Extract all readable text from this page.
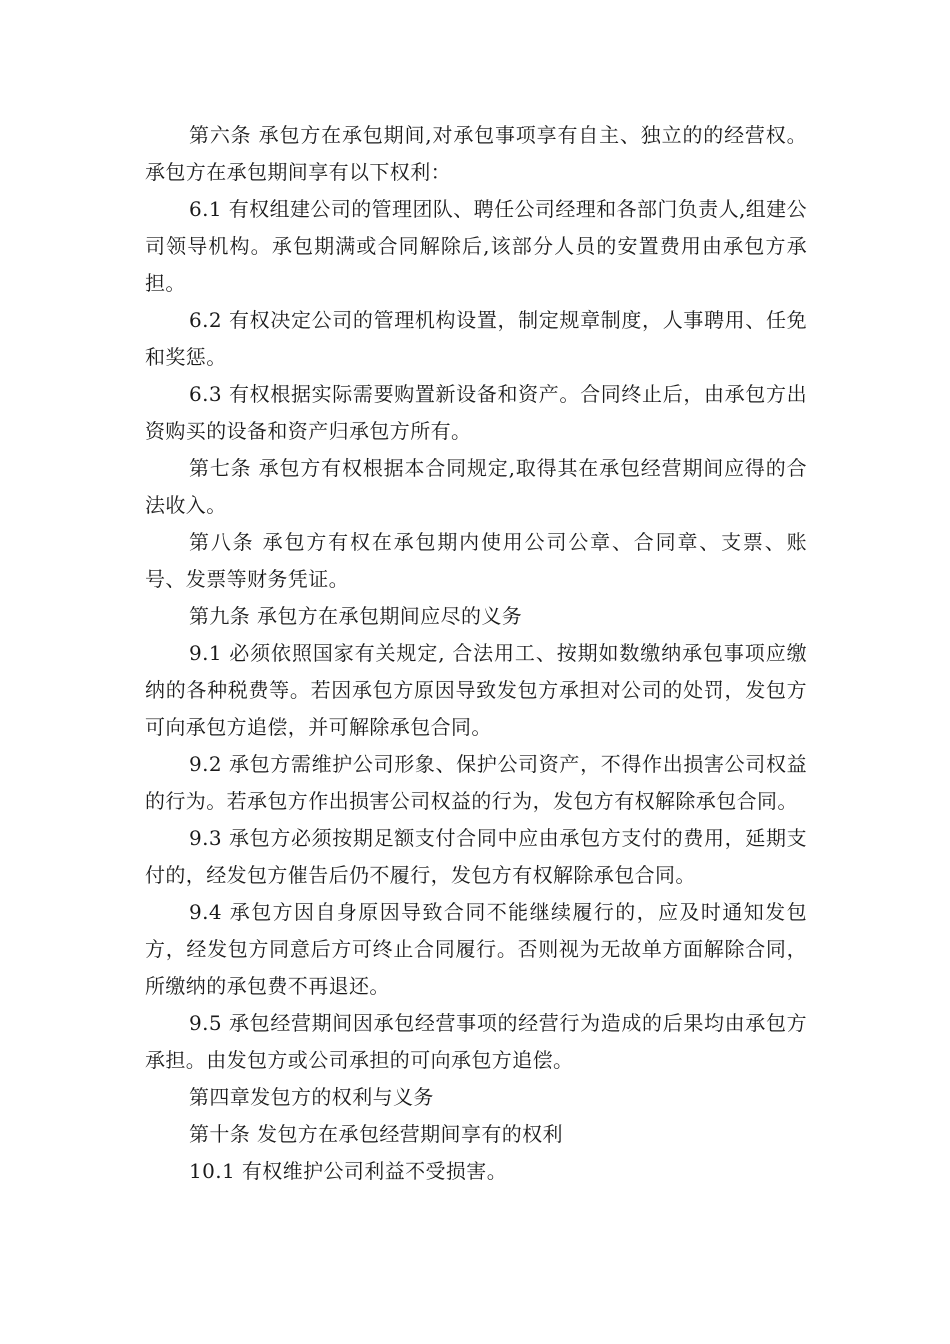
第六条 承包方在承包期间,对承包事项享有自主、独立的的经营权。承包方在承包期间享有以下权利：

6.1 有权组建公司的管理团队、聘任公司经理和各部门负责人,组建公司领导机构。承包期满或合同解除后,该部分人员的安置费用由承包方承担。

6.2 有权决定公司的管理机构设置，制定规章制度，人事聘用、任免和奖惩。

6.3 有权根据实际需要购置新设备和资产。合同终止后，由承包方出资购买的设备和资产归承包方所有。

第七条 承包方有权根据本合同规定,取得其在承包经营期间应得的合法收入。

第八条 承包方有权在承包期内使用公司公章、合同章、支票、账号、发票等财务凭证。

第九条 承包方在承包期间应尽的义务

9.1 必须依照国家有关规定, 合法用工、按期如数缴纳承包事项应缴纳的各种税费等。若因承包方原因导致发包方承担对公司的处罚，发包方可向承包方追偿，并可解除承包合同。

9.2 承包方需维护公司形象、保护公司资产，不得作出损害公司权益的行为。若承包方作出损害公司权益的行为，发包方有权解除承包合同。

9.3 承包方必须按期足额支付合同中应由承包方支付的费用，延期支付的，经发包方催告后仍不履行，发包方有权解除承包合同。

9.4 承包方因自身原因导致合同不能继续履行的，应及时通知发包方，经发包方同意后方可终止合同履行。否则视为无故单方面解除合同，所缴纳的承包费不再退还。

9.5 承包经营期间因承包经营事项的经营行为造成的后果均由承包方承担。由发包方或公司承担的可向承包方追偿。

第四章发包方的权利与义务

第十条 发包方在承包经营期间享有的权利

10.1 有权维护公司利益不受损害。
